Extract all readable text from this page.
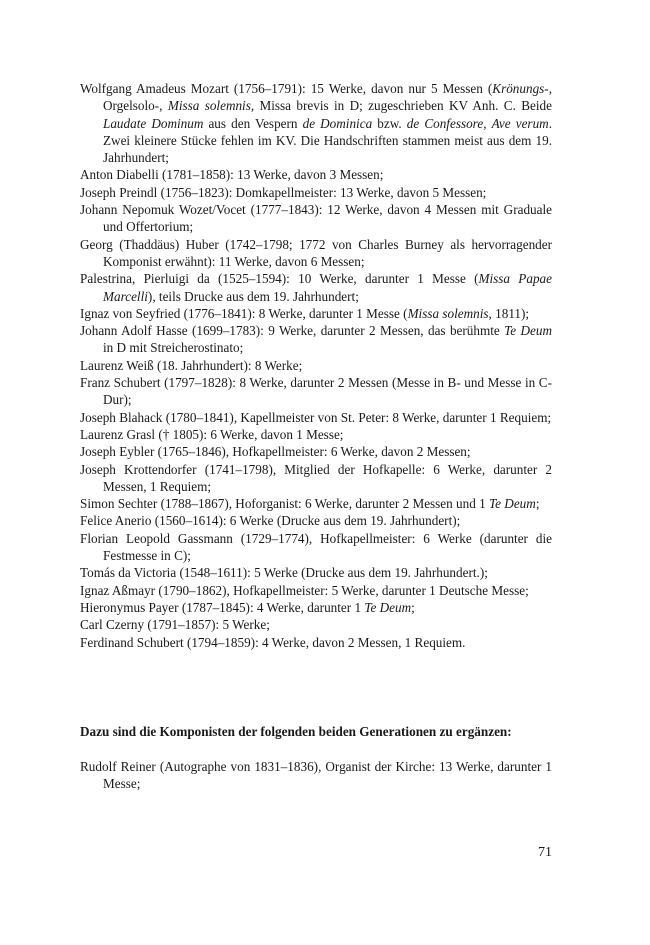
Wolfgang Amadeus Mozart (1756–1791): 15 Werke, davon nur 5 Messen (Krönungs-, Orgelsolo-, Missa solemnis, Missa brevis in D; zugeschrieben KV Anh. C. Beide Laudate Dominum aus den Vespern de Dominica bzw. de Confessore, Ave verum. Zwei kleinere Stücke fehlen im KV. Die Handschriften stammen meist aus dem 19. Jahrhundert;
Anton Diabelli (1781–1858): 13 Werke, davon 3 Messen;
Joseph Preindl (1756–1823): Domkapellmeister: 13 Werke, davon 5 Messen;
Johann Nepomuk Wozet/Vocet (1777–1843): 12 Werke, davon 4 Messen mit Graduale und Offertorium;
Georg (Thaddäus) Huber (1742–1798; 1772 von Charles Burney als hervorragender Komponist erwähnt): 11 Werke, davon 6 Messen;
Palestrina, Pierluigi da (1525–1594): 10 Werke, darunter 1 Messe (Missa Papae Marcelli), teils Drucke aus dem 19. Jahrhundert;
Ignaz von Seyfried (1776–1841): 8 Werke, darunter 1 Messe (Missa solemnis, 1811);
Johann Adolf Hasse (1699–1783): 9 Werke, darunter 2 Messen, das berühmte Te Deum in D mit Streicherostinato;
Laurenz Weiß (18. Jahrhundert): 8 Werke;
Franz Schubert (1797–1828): 8 Werke, darunter 2 Messen (Messe in B- und Messe in C-Dur);
Joseph Blahack (1780–1841), Kapellmeister von St. Peter: 8 Werke, darunter 1 Requiem;
Laurenz Grasl († 1805): 6 Werke, davon 1 Messe;
Joseph Eybler (1765–1846), Hofkapellmeister: 6 Werke, davon 2 Messen;
Joseph Krottendorfer (1741–1798), Mitglied der Hofkapelle: 6 Werke, darunter 2 Messen, 1 Requiem;
Simon Sechter (1788–1867), Hoforganist: 6 Werke, darunter 2 Messen und 1 Te Deum;
Felice Anerio (1560–1614): 6 Werke (Drucke aus dem 19. Jahrhundert);
Florian Leopold Gassmann (1729–1774), Hofkapellmeister: 6 Werke (darunter die Festmesse in C);
Tomás da Victoria (1548–1611): 5 Werke (Drucke aus dem 19. Jahrhundert.);
Ignaz Aßmayr (1790–1862), Hofkapellmeister: 5 Werke, darunter 1 Deutsche Messe;
Hieronymus Payer (1787–1845): 4 Werke, darunter 1 Te Deum;
Carl Czerny (1791–1857): 5 Werke;
Ferdinand Schubert (1794–1859): 4 Werke, davon 2 Messen, 1 Requiem.
Dazu sind die Komponisten der folgenden beiden Generationen zu ergänzen:
Rudolf Reiner (Autographe von 1831–1836), Organist der Kirche: 13 Werke, darunter 1 Messe;
71
